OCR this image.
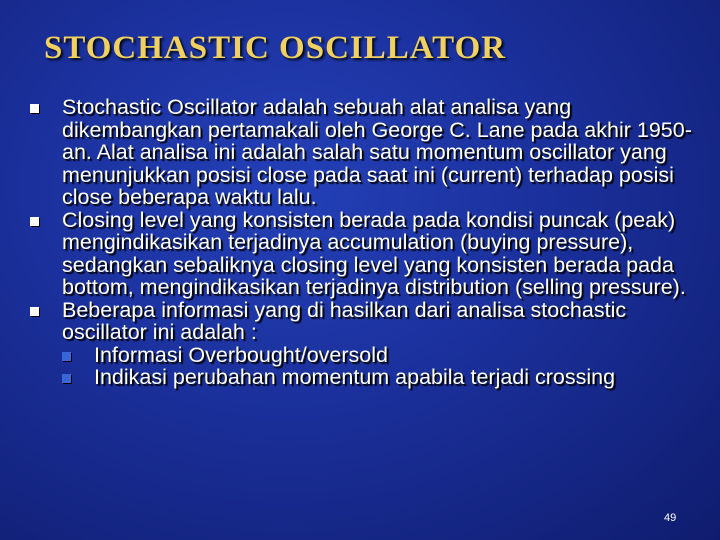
STOCHASTIC OSCILLATOR
Stochastic Oscillator adalah sebuah alat analisa yang dikembangkan pertamakali oleh George C. Lane pada akhir 1950-an. Alat analisa ini adalah salah satu momentum oscillator yang menunjukkan posisi close pada saat ini (current) terhadap posisi close beberapa waktu lalu.
Closing level yang konsisten berada pada kondisi puncak (peak) mengindikasikan terjadinya accumulation (buying pressure), sedangkan sebaliknya closing level yang konsisten berada pada bottom, mengindikasikan terjadinya distribution (selling pressure).
Beberapa informasi yang di hasilkan dari analisa stochastic oscillator ini adalah :
Informasi Overbought/oversold
Indikasi perubahan momentum apabila terjadi crossing
49
